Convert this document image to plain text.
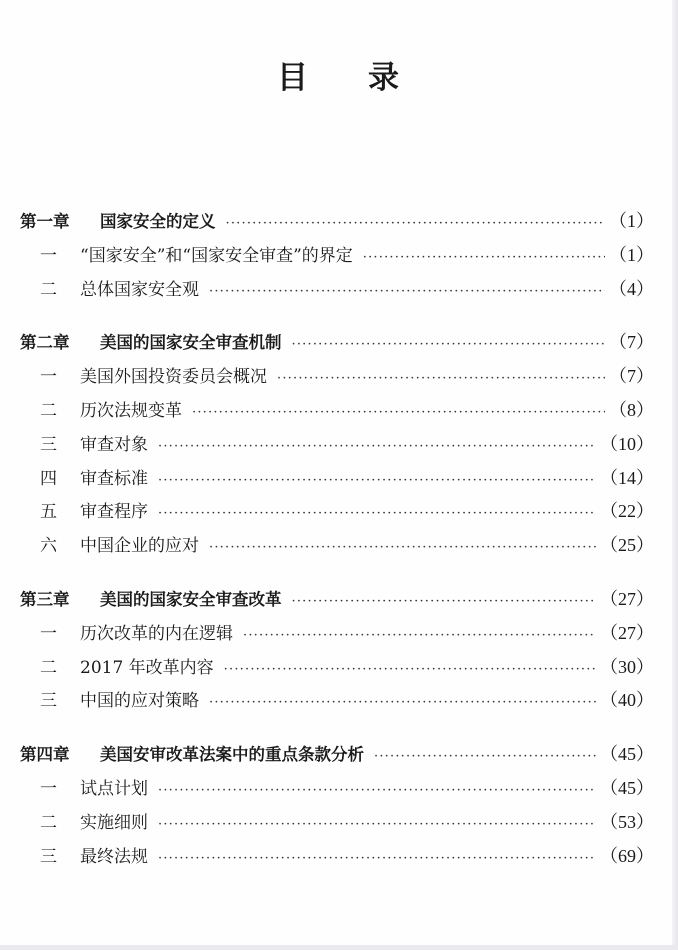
目 录
第一章	国家安全的定义 ·····	（1）
一	“国家安全”和“国家安全审查”的界定 ·····	（1）
二	总体国家安全观 ·····	（4）
第二章	美国的国家安全审查机制 ·····	（7）
一	美国外国投资委员会概况 ·····	（7）
二	历次法规变革 ·····	（8）
三	审查对象 ·····	（10）
四	审查标准 ·····	（14）
五	审查程序 ·····	（22）
六	中国企业的应对 ·····	（25）
第三章	美国的国家安全审查改革 ·····	（27）
一	历次改革的内在逻辑 ·····	（27）
二	2017 年改革内容 ·····	（30）
三	中国的应对策略 ·····	（40）
第四章	美国安审改革法案中的重点条款分析 ·····	（45）
一	试点计划 ·····	（45）
二	实施细则 ·····	（53）
三	最终法规 ·····	（69）
